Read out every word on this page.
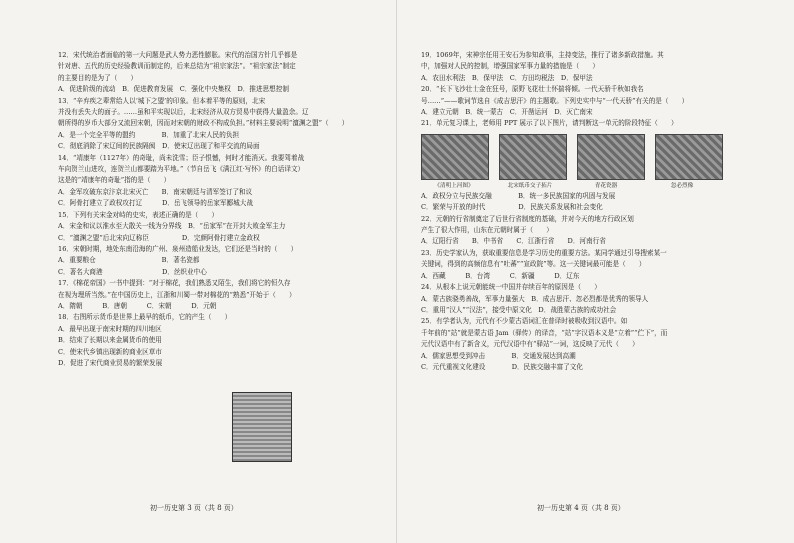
12．宋代统治者面临的第一大问题是武人势力恶性膨胀。宋代的治国方针几乎都是
针对唐、五代的历史经验教训而制定的，后来总结为“祖宗家法”。“祖宗家法”制定
的主要目的是为了（　　）
A．促进阶级的流动　B．促进教育发展　C．强化中央集权　D．推进思想控制
13．“辛弃疾之辈常给人以‘城下之盟’的印象。但本着平等的原则，北宋
并没有丢失大的面子。……虽和平实现以后，北宋经济从双方贸易中获得大量盈余。辽
朝所得的岁币大部分又流回宋朝，因而对宋朝的财政不构成负担。”材料主要说明“澶渊之盟”（　　）
A．是一个完全平等的盟约　　　　B．加重了北宋人民的负担
C．彻底消除了宋辽间的民族隔阂　D．使宋辽出现了和平交流的局面
14．“靖康年（1127年）的奇耻，尚未洗雪；臣子恨憾，何时才能消灭。我要驾着战
车向贺兰山进攻，连贺兰山都要踏为平地。”（节自岳飞《满江红·写怀》的白话译文）
这是的“靖康年的奇耻”指的是（　　）
A．金军攻破东京汴京北宋灭亡　　B．南宋朝廷与清军签订了和议
C．阿骨打建立了政权攻打辽　　　D．岳飞领导的岳家军郾城大战
15．下列有关宋金对峙的史实，表述正确的是（　　）
A．宋金和议以淮水至大散关一线为分界线　B．“岳家军”在开封大败金军主力
C．“澶渊之盟”后北宋向辽称臣　　　　　D．完颜阿骨打建立金政权
16．宋朝时期，地处东南沿海的广州、泉州造船业发达，它们还是当时的（　　）
A．重要粮仓　　　　　　　　　　B．著名瓷都
C．著名大商港　　　　　　　　　D．丝织业中心
17．《棉花帝国》一书中提到：“对于棉花，我们熟悉又陌生，我们将它的恒久存
在视为理所当然。”在中国历史上，江浙和川蜀一带对棉花的“熟悉”开始于（　　）
A．隋朝　　　B．唐朝　　　C．宋朝　　　D．元朝
18．右图所示货币是世界上最早的纸币，它的产生（　　）
A．最早出现于南宋时期的四川地区
B．结束了长期以来金属货币的使用
C．使宋代乡镇出现新的商业区草市
D．促进了宋代商业贸易的繁荣发展
初一历史第 3 页（共 8 页）
19．1069年，宋神宗任用王安石为参知政事，主持变法，推行了诸多新政措施。其
中，加强对人民的控制，增强国家军事力量的措施是（　　）
A．农田水利法　B．保甲法　C．方田均税法　D．保甲法
20．“长下飞沙壮士金在狂号，原野飞花壮士怀揣将倾。一代天骄千秋如我名
号……”——歌词节选自《成吉思汗》的主题歌。下列史实中与“一代天骄”有关的是（　　）
A．建立元朝　B．统一蒙古　C．开凿运河　D．灭亡南宋
21．单元复习课上，老师用 PPT 展示了以下图片，请判断这一单元的阶段特征（　　）
《清明上河图》	北宋纸币交子拓片	青花瓷器	忽必烈像
A．政权分立与民族交融　　　　B．统一多民族国家的巩固与发展
C．繁荣与开放的时代　　　　　D．民族关系发展和社会变化
22．元朝的行省制奠定了后世行省制度的基础，并对今天的地方行政区划
产生了很大作用，山东在元朝时属于（　　）
A．辽阳行省　　B．中书省　　C．江浙行省　　D．河南行省
23．历史学家认为，获取重要信息是学习历史的重要方法。某同学通过引导搜索某一
关键词，得到的高频信息有“吐蕃”“宣政院”等。这一关键词最可能是（　　）
A．西藏　　　B．台湾　　　C．新疆　　　D．辽东
24．从根本上说元朝能统一中国并存续百年的原因是（　　）
A．蒙古族骁勇善战，军事力量强大　B．成吉思汗、忽必烈都是优秀的领导人
C．重用“汉人”“汉法”，接受中原文化　D．战胜蒙古族的成功社会
25．有学者认为，元代有不少蒙古语词汇在普译时被吸收到汉语中。如
千年前的“站”就是蒙古语 Jam（驿传）的译音，“站”字汉语本义是“立着”“伫下”，而
元代汉语中有了新含义，元代汉语中有“驿站”一词，这反映了元代（　　）
A．儒家思想受到冲击　　　　B．交通发展达到高潮
C．元代重视文化建设　　　　D．民族交融丰富了文化
初一历史第 4 页（共 8 页）
